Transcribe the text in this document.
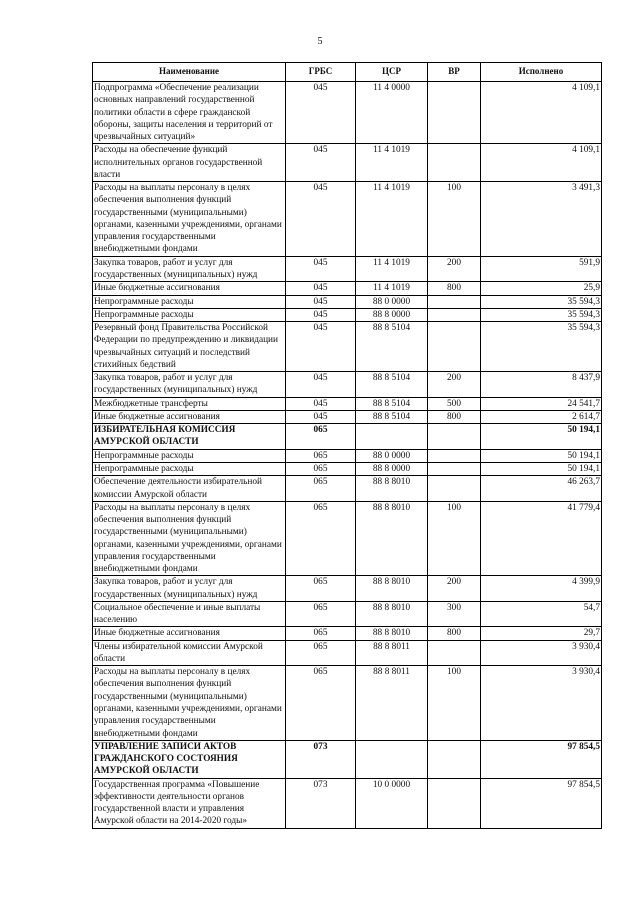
5
Наименование	ГРБС	ЦСР	ВР	Исполнено
Подпрограмма «Обеспечение реализации основных направлений государственной политики области в сфере гражданской обороны, защиты населения и территорий от чрезвычайных ситуаций»	045	11 4 0000		4 109,1
Расходы на обеспечение функций исполнительных органов государственной власти	045	11 4 1019		4 109,1
Расходы на выплаты персоналу в целях обеспечения выполнения функций государственными (муниципальными) органами, казенными учреждениями, органами управления государственными внебюджетными фондами	045	11 4 1019	100	3 491,3
Закупка товаров, работ и услуг для государственных (муниципальных) нужд	045	11 4 1019	200	591,9
Иные бюджетные ассигнования	045	11 4 1019	800	25,9
Непрограммные расходы	045	88 0 0000		35 594,3
Непрограммные расходы	045	88 8 0000		35 594,3
Резервный фонд Правительства Российской Федерации по предупреждению и ликвидации чрезвычайных ситуаций и последствий стихийных бедствий	045	88 8 5104		35 594,3
Закупка товаров, работ и услуг для государственных (муниципальных) нужд	045	88 8 5104	200	8 437,9
Межбюджетные трансферты	045	88 8 5104	500	24 541,7
Иные бюджетные ассигнования	045	88 8 5104	800	2 614,7
ИЗБИРАТЕЛЬНАЯ КОМИССИЯ АМУРСКОЙ ОБЛАСТИ	065			50 194,1
Непрограммные расходы	065	88 0 0000		50 194,1
Непрограммные расходы	065	88 8 0000		50 194,1
Обеспечение деятельности избирательной комиссии Амурской области	065	88 8 8010		46 263,7
Расходы на выплаты персоналу в целях обеспечения выполнения функций государственными (муниципальными) органами, казенными учреждениями, органами управления государственными внебюджетными фондами	065	88 8 8010	100	41 779,4
Закупка товаров, работ и услуг для государственных (муниципальных) нужд	065	88 8 8010	200	4 399,9
Социальное обеспечение и иные выплаты населению	065	88 8 8010	300	54,7
Иные бюджетные ассигнования	065	88 8 8010	800	29,7
Члены избирательной комиссии Амурской области	065	88 8 8011		3 930,4
Расходы на выплаты персоналу в целях обеспечения выполнения функций государственными (муниципальными) органами, казенными учреждениями, органами управления государственными внебюджетными фондами	065	88 8 8011	100	3 930,4
УПРАВЛЕНИЕ ЗАПИСИ АКТОВ ГРАЖДАНСКОГО СОСТОЯНИЯ АМУРСКОЙ ОБЛАСТИ	073			97 854,5
Государственная программа «Повышение эффективности деятельности органов государственной власти и управления Амурской области на 2014-2020 годы»	073	10 0 0000		97 854,5
